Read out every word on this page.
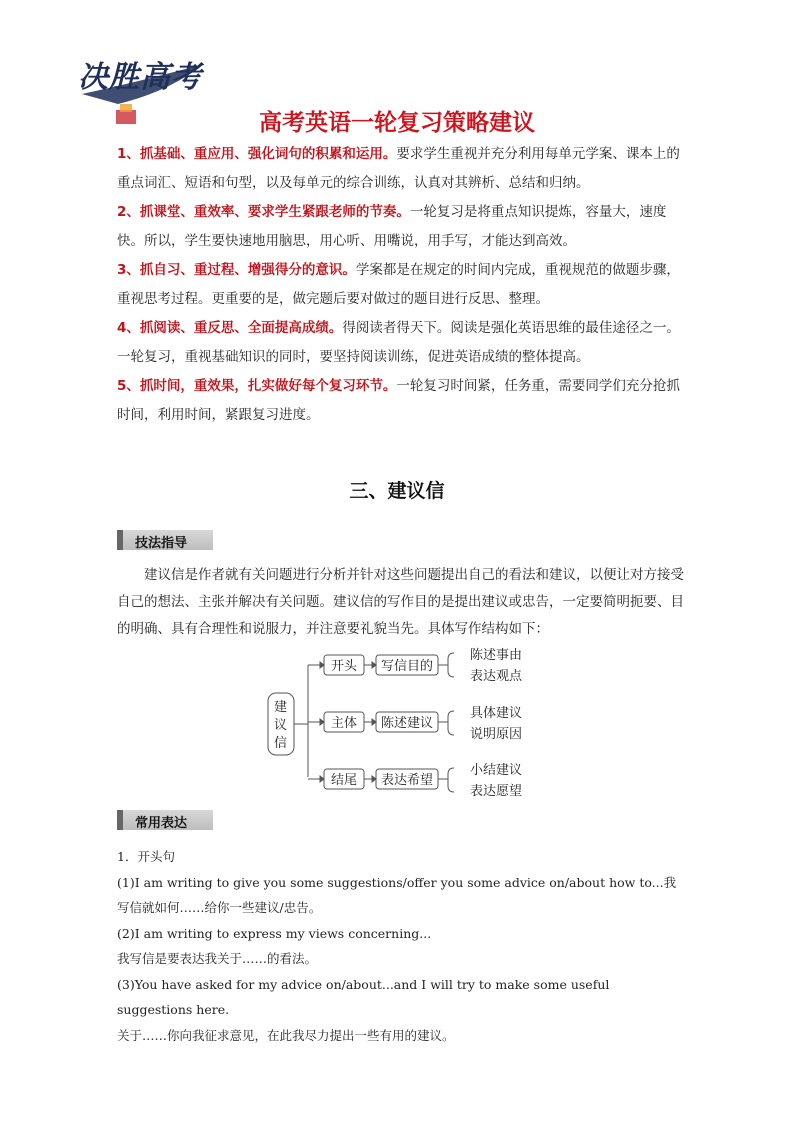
决胜高考
高考英语一轮复习策略建议

1、抓基础、重应用、强化词句的积累和运用。要求学生重视并充分利用每单元学案、课本上的重点词汇、短语和句型，以及每单元的综合训练，认真对其辨析、总结和归纳。

2、抓课堂、重效率、要求学生紧跟老师的节奏。一轮复习是将重点知识提炼，容量大，速度快。所以，学生要快速地用脑思，用心听、用嘴说，用手写，才能达到高效。

3、抓自习、重过程、增强得分的意识。学案都是在规定的时间内完成，重视规范的做题步骤，重视思考过程。更重要的是，做完题后要对做过的题目进行反思、整理。

4、抓阅读、重反思、全面提高成绩。得阅读者得天下。阅读是强化英语思维的最佳途径之一。一轮复习，重视基础知识的同时，要坚持阅读训练，促进英语成绩的整体提高。

5、抓时间，重效果，扎实做好每个复习环节。一轮复习时间紧，任务重，需要同学们充分抢抓时间，利用时间，紧跟复习进度。

三、建议信
技法指导

建议信是作者就有关问题进行分析并针对这些问题提出自己的看法和建议，以便让对方接受自己的想法、主张并解决有关问题。建议信的写作目的是提出建议或忠告，一定要简明扼要、目的明确、具有合理性和说服力，并注意要礼貌当先。具体写作结构如下：

建
议
信
开头
主体
结尾
写信目的
陈述建议
表达希望
陈述事由
表达观点
具体建议
说明原因
小结建议
表达愿望
常用表达

1．开头句

(1)I am writing to give you some suggestions/offer you some advice on/about how to...我写信就如何……给你一些建议/忠告。

(2)I am writing to express my views concerning...

我写信是要表达我关于……的看法。

(3)You have asked for my advice on/about...and I will try to make some useful suggestions here.

关于……你向我征求意见，在此我尽力提出一些有用的建议。
